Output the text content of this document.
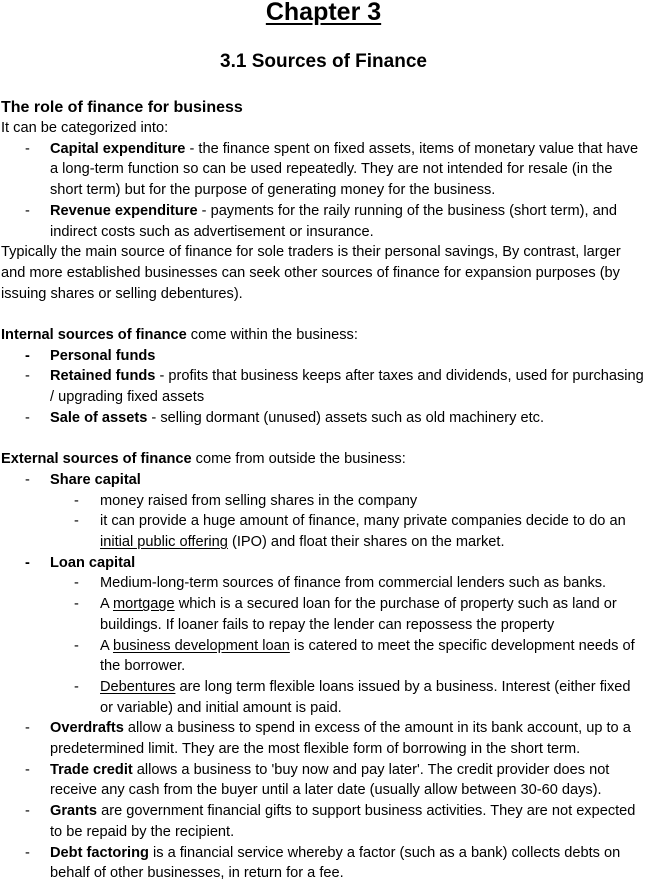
Chapter 3
3.1 Sources of Finance

The role of finance for business

It can be categorized into:

- Capital expenditure - the finance spent on fixed assets, items of monetary value that have a long-term function so can be used repeatedly. They are not intended for resale (in the short term) but for the purpose of generating money for the business.
- Revenue expenditure - payments for the raily running of the business (short term), and indirect costs such as advertisement or insurance.

Typically the main source of finance for sole traders is their personal savings, By contrast, larger and more established businesses can seek other sources of finance for expansion purposes (by issuing shares or selling debentures).

Internal sources of finance come within the business:

- Personal funds
- Retained funds - profits that business keeps after taxes and dividends, used for purchasing / upgrading fixed assets
- Sale of assets - selling dormant (unused) assets such as old machinery etc.

External sources of finance come from outside the business:

- Share capital
- money raised from selling shares in the company
- it can provide a huge amount of finance, many private companies decide to do an initial public offering (IPO) and float their shares on the market.
- Loan capital
- Medium-long-term sources of finance from commercial lenders such as banks.
- A mortgage which is a secured loan for the purchase of property such as land or buildings. If loaner fails to repay the lender can repossess the property
- A business development loan is catered to meet the specific development needs of the borrower.
- Debentures are long term flexible loans issued by a business. Interest (either fixed or variable) and initial amount is paid.
- Overdrafts allow a business to spend in excess of the amount in its bank account, up to a predetermined limit. They are the most flexible form of borrowing in the short term.
- Trade credit allows a business to 'buy now and pay later'. The credit provider does not receive any cash from the buyer until a later date (usually allow between 30-60 days).
- Grants are government financial gifts to support business activities. They are not expected to be repaid by the recipient.
- Debt factoring is a financial service whereby a factor (such as a bank) collects debts on behalf of other businesses, in return for a fee.
